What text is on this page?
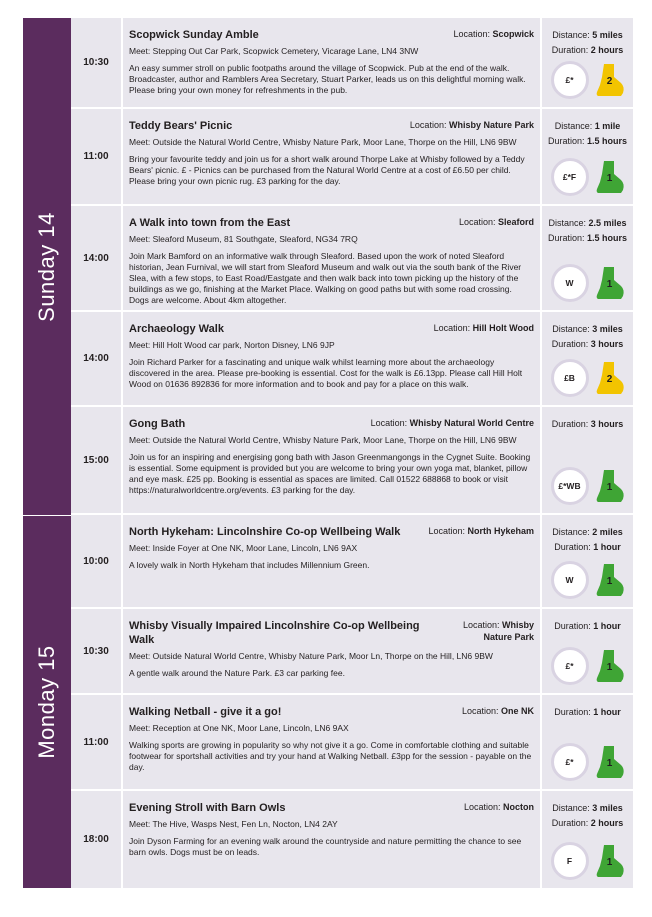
Sunday 14
10:30
Scopwick Sunday Amble	Location: Scopwick
Meet: Stepping Out Car Park, Scopwick Cemetery, Vicarage Lane, LN4 3NW
An easy summer stroll on public footpaths around the village of Scopwick. Pub at the end of the walk. Broadcaster, author and Ramblers Area Secretary, Stuart Parker, leads us on this delightful morning walk. Please bring your own money for refreshments in the pub.
Distance: 5 miles
Duration: 2 hours
£*	2
11:00
Teddy Bears' Picnic	Location: Whisby Nature Park
Meet: Outside the Natural World Centre, Whisby Nature Park, Moor Lane, Thorpe on the Hill, LN6 9BW
Bring your favourite teddy and join us for a short walk around Thorpe Lake at Whisby followed by a Teddy Bears' picnic. £ - Picnics can be purchased from the Natural World Centre at a cost of £6.50 per child. Please bring your own picnic rug. £3 parking for the day.
Distance: 1 mile
Duration: 1.5 hours
£*F	1
14:00
A Walk into town from the East	Location: Sleaford
Meet: Sleaford Museum, 81 Southgate, Sleaford, NG34 7RQ
Join Mark Bamford on an informative walk through Sleaford. Based upon the work of noted Sleaford historian, Jean Furnival, we will start from Sleaford Museum and walk out via the south bank of the River Slea, with a few stops, to East Road/Eastgate and then walk back into town picking up the history of the buildings as we go, finishing at the Market Place. Walking on good paths but with some road crossing. Dogs are welcome. About 4km altogether.
Distance: 2.5 miles
Duration: 1.5 hours
W	1
14:00
Archaeology Walk	Location: Hill Holt Wood
Meet: Hill Holt Wood car park, Norton Disney, LN6 9JP
Join Richard Parker for a fascinating and unique walk whilst learning more about the archaeology discovered in the area. Please pre-booking is essential. Cost for the walk is £6.13pp. Please call Hill Holt Wood on 01636 892836 for more information and to book and pay for a place on this walk.
Distance: 3 miles
Duration: 3 hours
£B	2
15:00
Gong Bath	Location: Whisby Natural World Centre
Meet: Outside the Natural World Centre, Whisby Nature Park, Moor Lane, Thorpe on the Hill, LN6 9BW
Join us for an inspiring and energising gong bath with Jason Greenmangongs in the Cygnet Suite. Booking is essential. Some equipment is provided but you are welcome to bring your own yoga mat, blanket, pillow and eye mask. £25 pp. Booking is essential as spaces are limited. Call 01522 688868 to book or visit https://naturalworldcentre.org/events. £3 parking for the day.
Duration: 3 hours
£*WB	1
Monday 15
10:00
North Hykeham: Lincolnshire Co-op Wellbeing Walk	Location: North Hykeham
Meet: Inside Foyer at One NK, Moor Lane, Lincoln, LN6 9AX
A lovely walk in North Hykeham that includes Millennium Green.
Distance: 2 miles
Duration: 1 hour
W	1
10:30
Whisby Visually Impaired Lincolnshire Co-op Wellbeing Walk
Location: Whisby Nature Park
Meet: Outside Natural World Centre, Whisby Nature Park, Moor Ln, Thorpe on the Hill, LN6 9BW
A gentle walk around the Nature Park. £3 car parking fee.
Duration: 1 hour
£*	1
11:00
Walking Netball - give it a go!	Location: One NK
Meet: Reception at One NK, Moor Lane, Lincoln, LN6 9AX
Walking sports are growing in popularity so why not give it a go. Come in comfortable clothing and suitable footwear for sportshall activities and try your hand at Walking Netball. £3pp for the session - payable on the day.
Duration: 1 hour
£*	1
18:00
Evening Stroll with Barn Owls	Location: Nocton
Meet: The Hive, Wasps Nest, Fen Ln, Nocton, LN4 2AY
Join Dyson Farming for an evening walk around the countryside and nature permitting the chance to see barn owls. Dogs must be on leads.
Distance: 3 miles
Duration: 2 hours
F	1
